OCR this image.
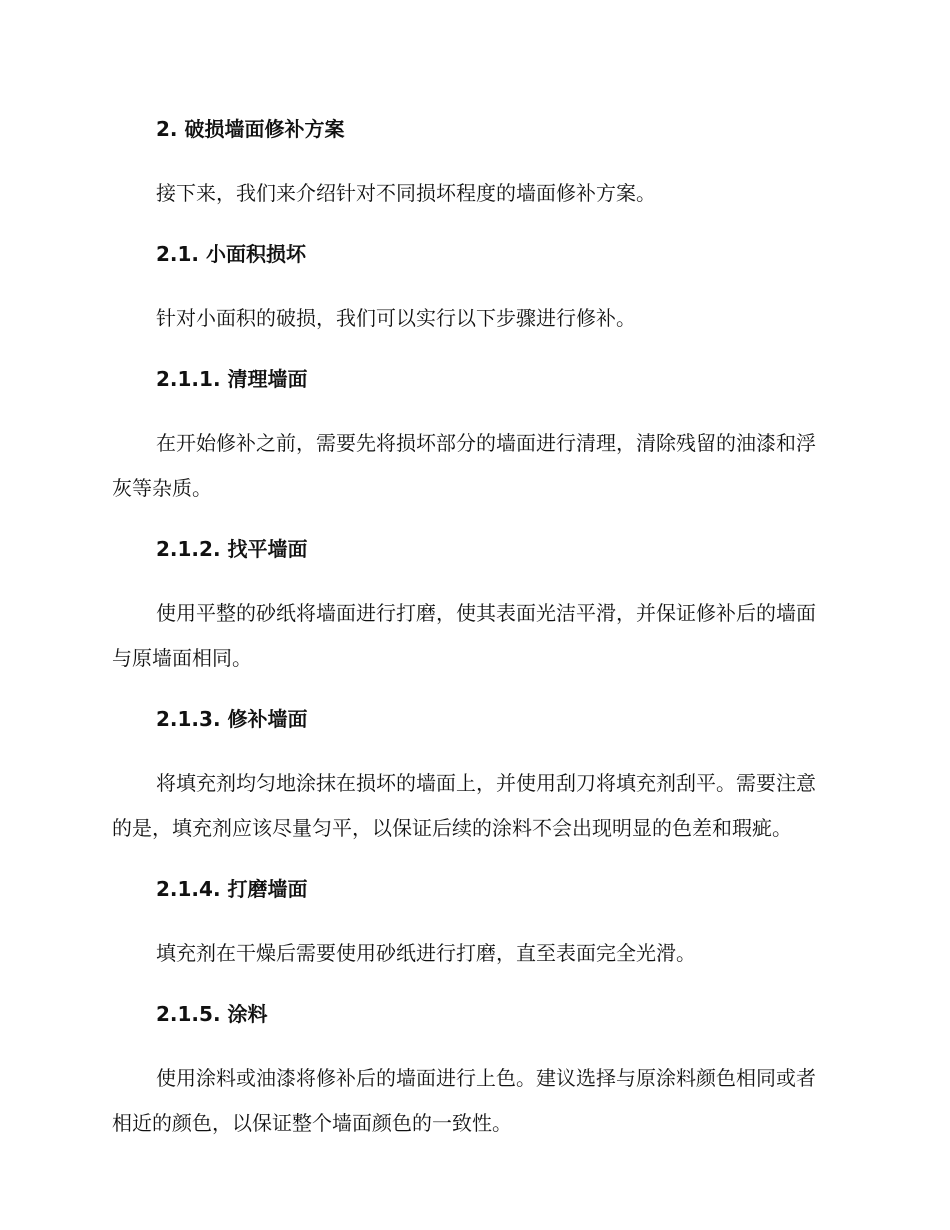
2. 破损墙面修补方案

接下来，我们来介绍针对不同损坏程度的墙面修补方案。

2.1. 小面积损坏

针对小面积的破损，我们可以实行以下步骤进行修补。

2.1.1. 清理墙面

在开始修补之前，需要先将损坏部分的墙面进行清理，清除残留的油漆和浮灰等杂质。

2.1.2. 找平墙面

使用平整的砂纸将墙面进行打磨，使其表面光洁平滑，并保证修补后的墙面与原墙面相同。

2.1.3. 修补墙面

将填充剂均匀地涂抹在损坏的墙面上，并使用刮刀将填充剂刮平。需要注意的是，填充剂应该尽量匀平，以保证后续的涂料不会出现明显的色差和瑕疵。

2.1.4. 打磨墙面

填充剂在干燥后需要使用砂纸进行打磨，直至表面完全光滑。

2.1.5. 涂料

使用涂料或油漆将修补后的墙面进行上色。建议选择与原涂料颜色相同或者相近的颜色，以保证整个墙面颜色的一致性。
